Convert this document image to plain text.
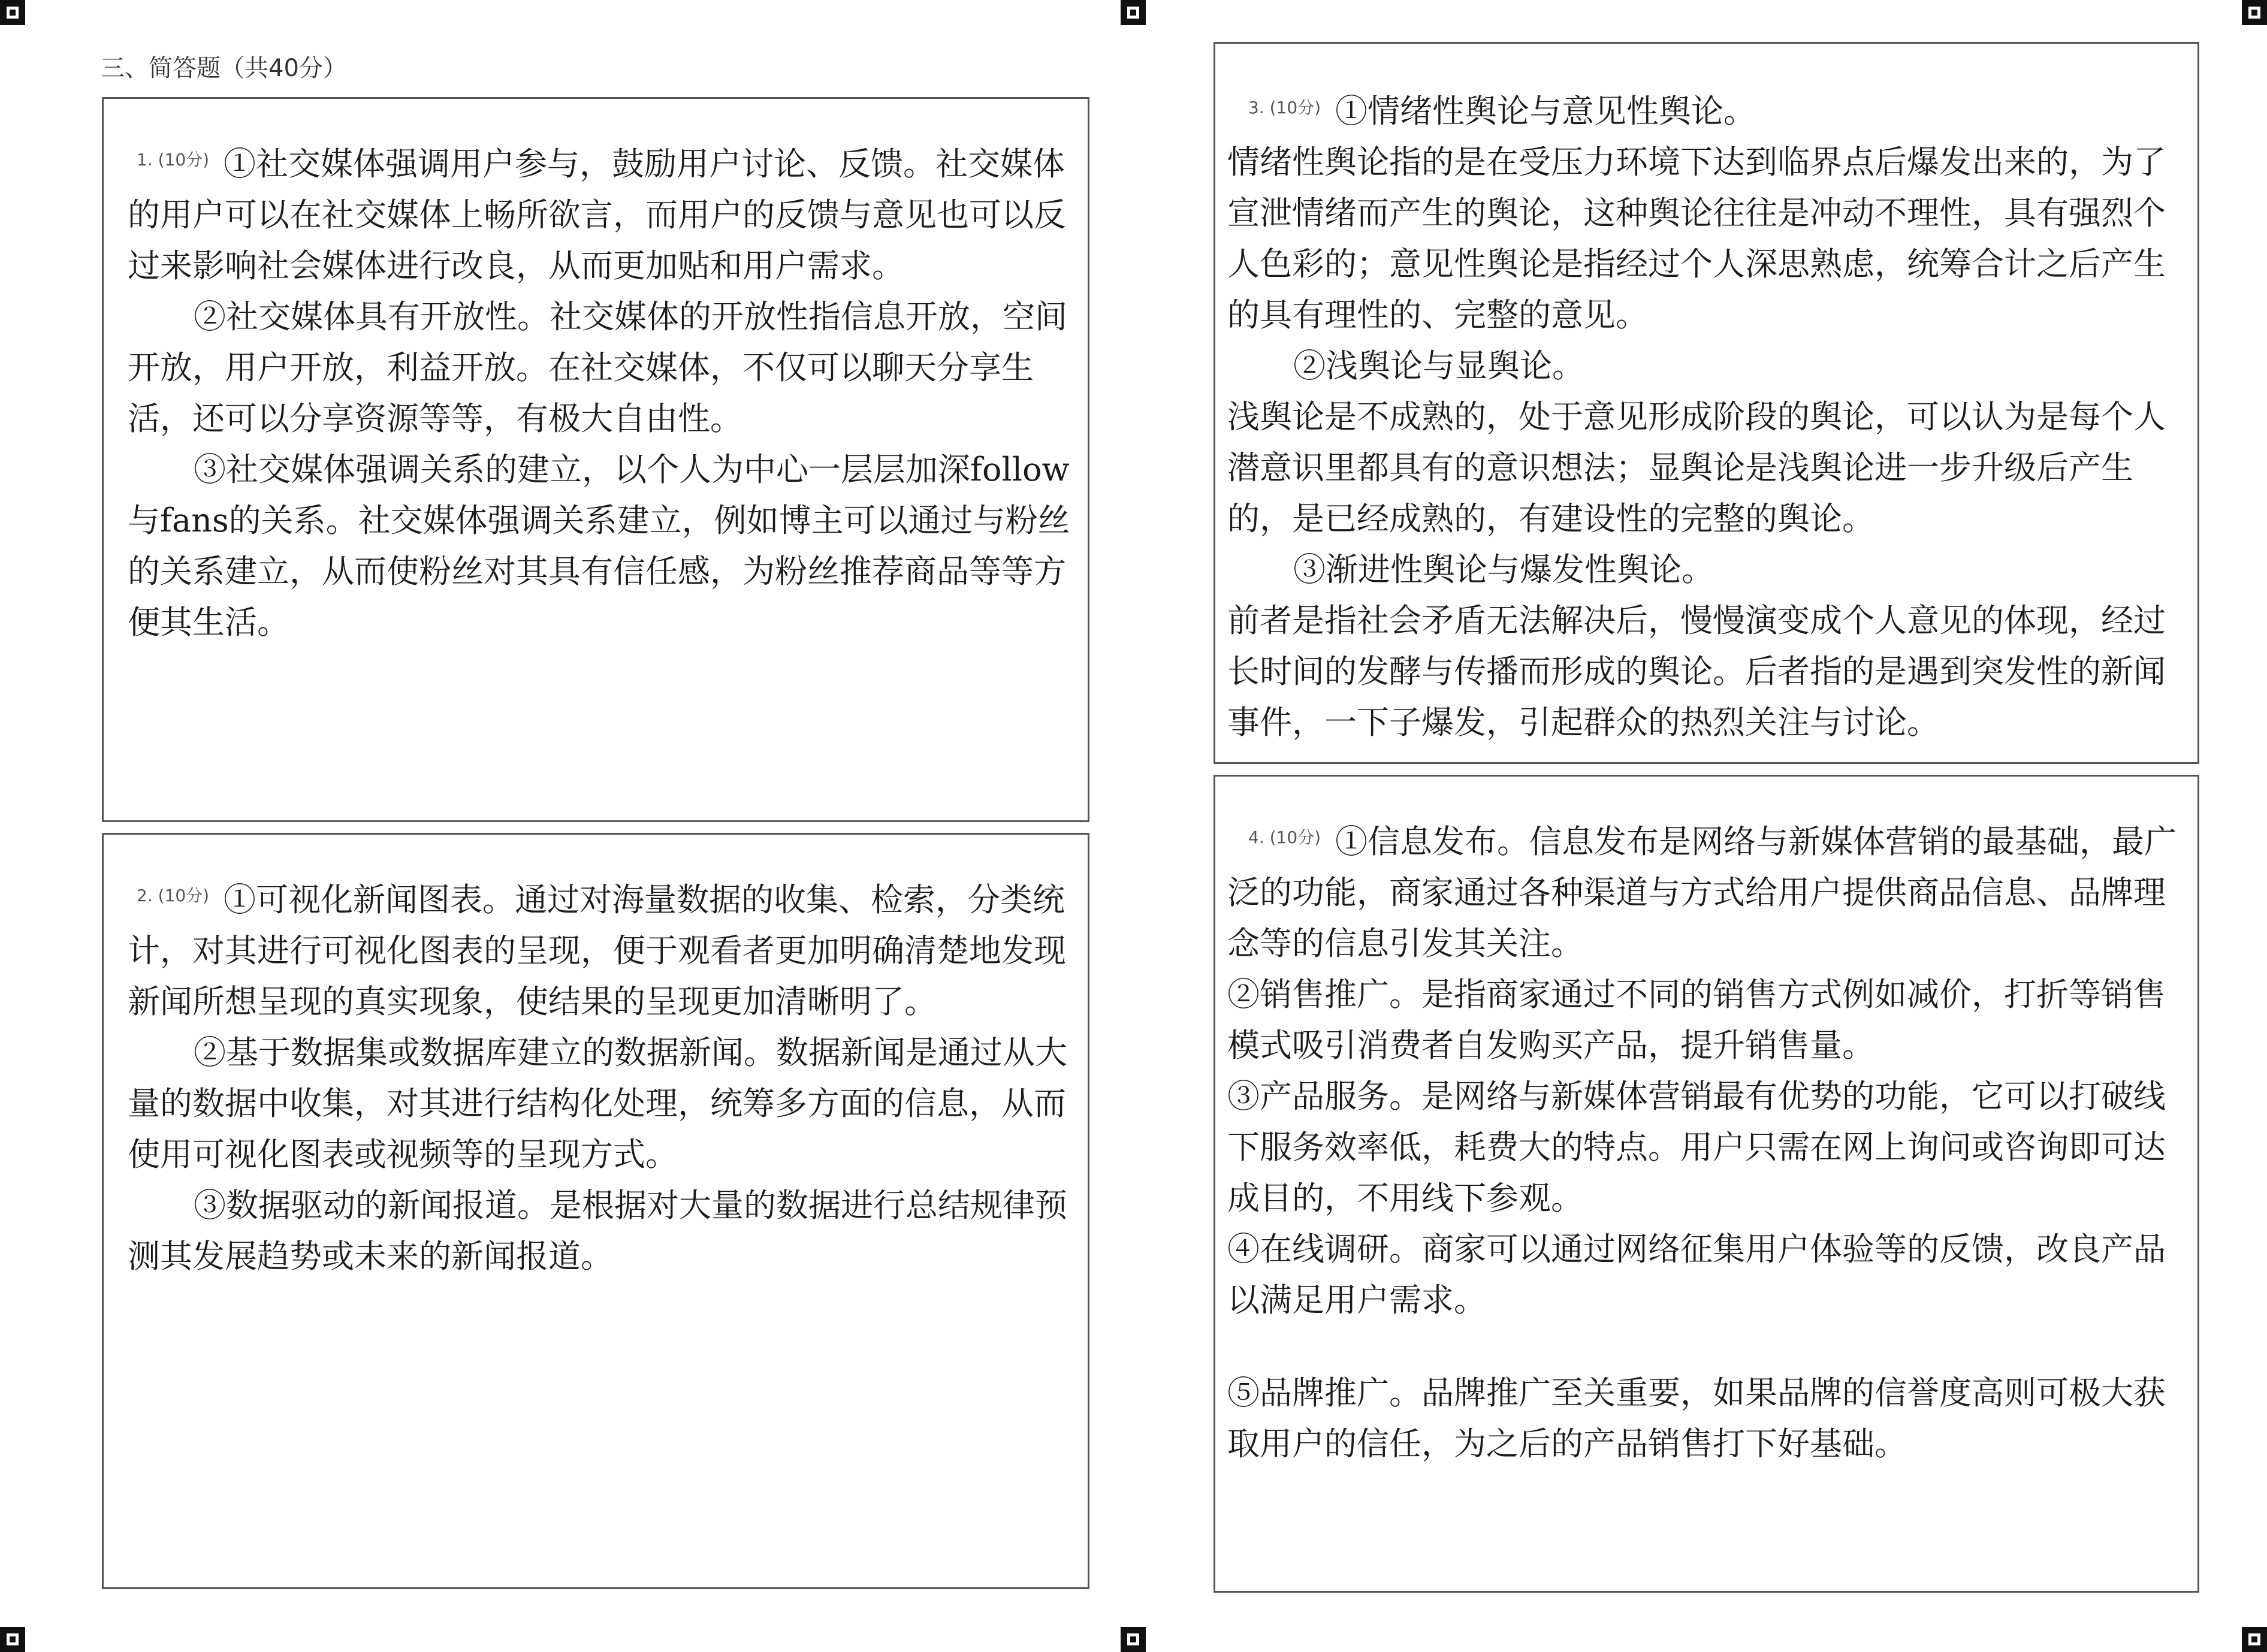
三、简答题（共40分）
1. (10分) ①社交媒体强调用户参与，鼓励用户讨论、反馈。社交媒体的用户可以在社交媒体上畅所欲言，而用户的反馈与意见也可以反过来影响社会媒体进行改良，从而更加贴和用户需求。

②社交媒体具有开放性。社交媒体的开放性指信息开放，空间开放，用户开放，利益开放。在社交媒体，不仅可以聊天分享生活，还可以分享资源等等，有极大自由性。

③社交媒体强调关系的建立，以个人为中心一层层加深follow与fans的关系。社交媒体强调关系建立，例如博主可以通过与粉丝的关系建立，从而使粉丝对其具有信任感，为粉丝推荐商品等等方便其生活。

2. (10分) ①可视化新闻图表。通过对海量数据的收集、检索，分类统计，对其进行可视化图表的呈现，便于观看者更加明确清楚地发现新闻所想呈现的真实现象，使结果的呈现更加清晰明了。

②基于数据集或数据库建立的数据新闻。数据新闻是通过从大量的数据中收集，对其进行结构化处理，统筹多方面的信息，从而使用可视化图表或视频等的呈现方式。

③数据驱动的新闻报道。是根据对大量的数据进行总结规律预测其发展趋势或未来的新闻报道。

3. (10分) ①情绪性舆论与意见性舆论。

情绪性舆论指的是在受压力环境下达到临界点后爆发出来的，为了宣泄情绪而产生的舆论，这种舆论往往是冲动不理性，具有强烈个人色彩的；意见性舆论是指经过个人深思熟虑，统筹合计之后产生的具有理性的、完整的意见。

②浅舆论与显舆论。

浅舆论是不成熟的，处于意见形成阶段的舆论，可以认为是每个人潜意识里都具有的意识想法；显舆论是浅舆论进一步升级后产生的，是已经成熟的，有建设性的完整的舆论。

③渐进性舆论与爆发性舆论。

前者是指社会矛盾无法解决后，慢慢演变成个人意见的体现，经过长时间的发酵与传播而形成的舆论。后者指的是遇到突发性的新闻事件，一下子爆发，引起群众的热烈关注与讨论。

4. (10分) ①信息发布。信息发布是网络与新媒体营销的最基础，最广泛的功能，商家通过各种渠道与方式给用户提供商品信息、品牌理念等的信息引发其关注。

②销售推广。是指商家通过不同的销售方式例如减价，打折等销售模式吸引消费者自发购买产品，提升销售量。

③产品服务。是网络与新媒体营销最有优势的功能，它可以打破线下服务效率低，耗费大的特点。用户只需在网上询问或咨询即可达成目的，不用线下参观。

④在线调研。商家可以通过网络征集用户体验等的反馈，改良产品以满足用户需求。

⑤品牌推广。品牌推广至关重要，如果品牌的信誉度高则可极大获取用户的信任，为之后的产品销售打下好基础。
